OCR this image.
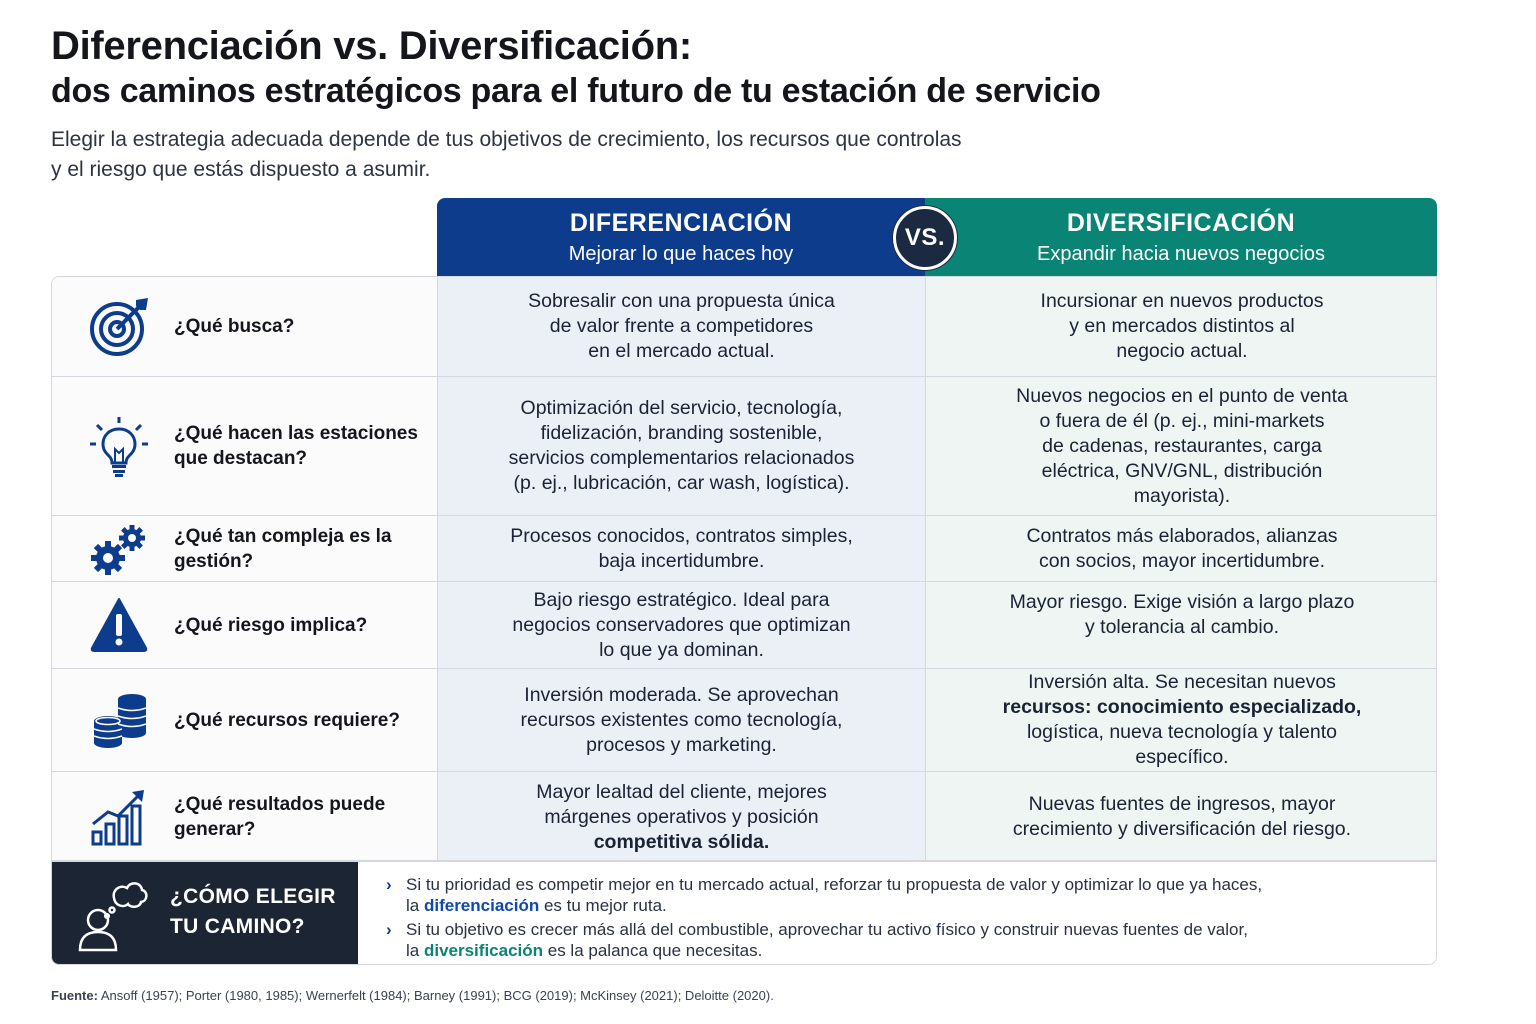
Diferenciación vs. Diversificación:
dos caminos estratégicos para el futuro de tu estación de servicio
Elegir la estrategia adecuada depende de tus objetivos de crecimiento, los recursos que controlas
y el riesgo que estás dispuesto a asumir.
DIFERENCIACIÓN
Mejorar lo que haces hoy
DIVERSIFICACIÓN
Expandir hacia nuevos negocios
VS.
¿Qué busca?
Sobresalir con una propuesta única
de valor frente a competidores
en el mercado actual.
Incursionar en nuevos productos
y en mercados distintos al
negocio actual.
¿Qué hacen las estaciones que destacan?
Optimización del servicio, tecnología,
fidelización, branding sostenible,
servicios complementarios relacionados
(p. ej., lubricación, car wash, logística).
Nuevos negocios en el punto de venta
o fuera de él (p. ej., mini-markets
de cadenas, restaurantes, carga
eléctrica, GNV/GNL, distribución
mayorista).
¿Qué tan compleja es la gestión?
Procesos conocidos, contratos simples,
baja incertidumbre.
Contratos más elaborados, alianzas
con socios, mayor incertidumbre.
¿Qué riesgo implica?
Bajo riesgo estratégico. Ideal para
negocios conservadores que optimizan
lo que ya dominan.
Mayor riesgo. Exige visión a largo plazo
y tolerancia al cambio.
¿Qué recursos requiere?
Inversión moderada. Se aprovechan
recursos existentes como tecnología,
procesos y marketing.
Inversión alta. Se necesitan nuevos
recursos: conocimiento especializado,
logística, nueva tecnología y talento
específico.
¿Qué resultados puede generar?
Mayor lealtad del cliente, mejores
márgenes operativos y posición
competitiva sólida.
Nuevas fuentes de ingresos, mayor
crecimiento y diversificación del riesgo.
¿CÓMO ELEGIR
TU CAMINO?
› Si tu prioridad es competir mejor en tu mercado actual, reforzar tu propuesta de valor y optimizar lo que ya haces,
la diferenciación es tu mejor ruta.
› Si tu objetivo es crecer más allá del combustible, aprovechar tu activo físico y construir nuevas fuentes de valor,
la diversificación es la palanca que necesitas.
Fuente: Ansoff (1957); Porter (1980, 1985); Wernerfelt (1984); Barney (1991); BCG (2019); McKinsey (2021); Deloitte (2020).
